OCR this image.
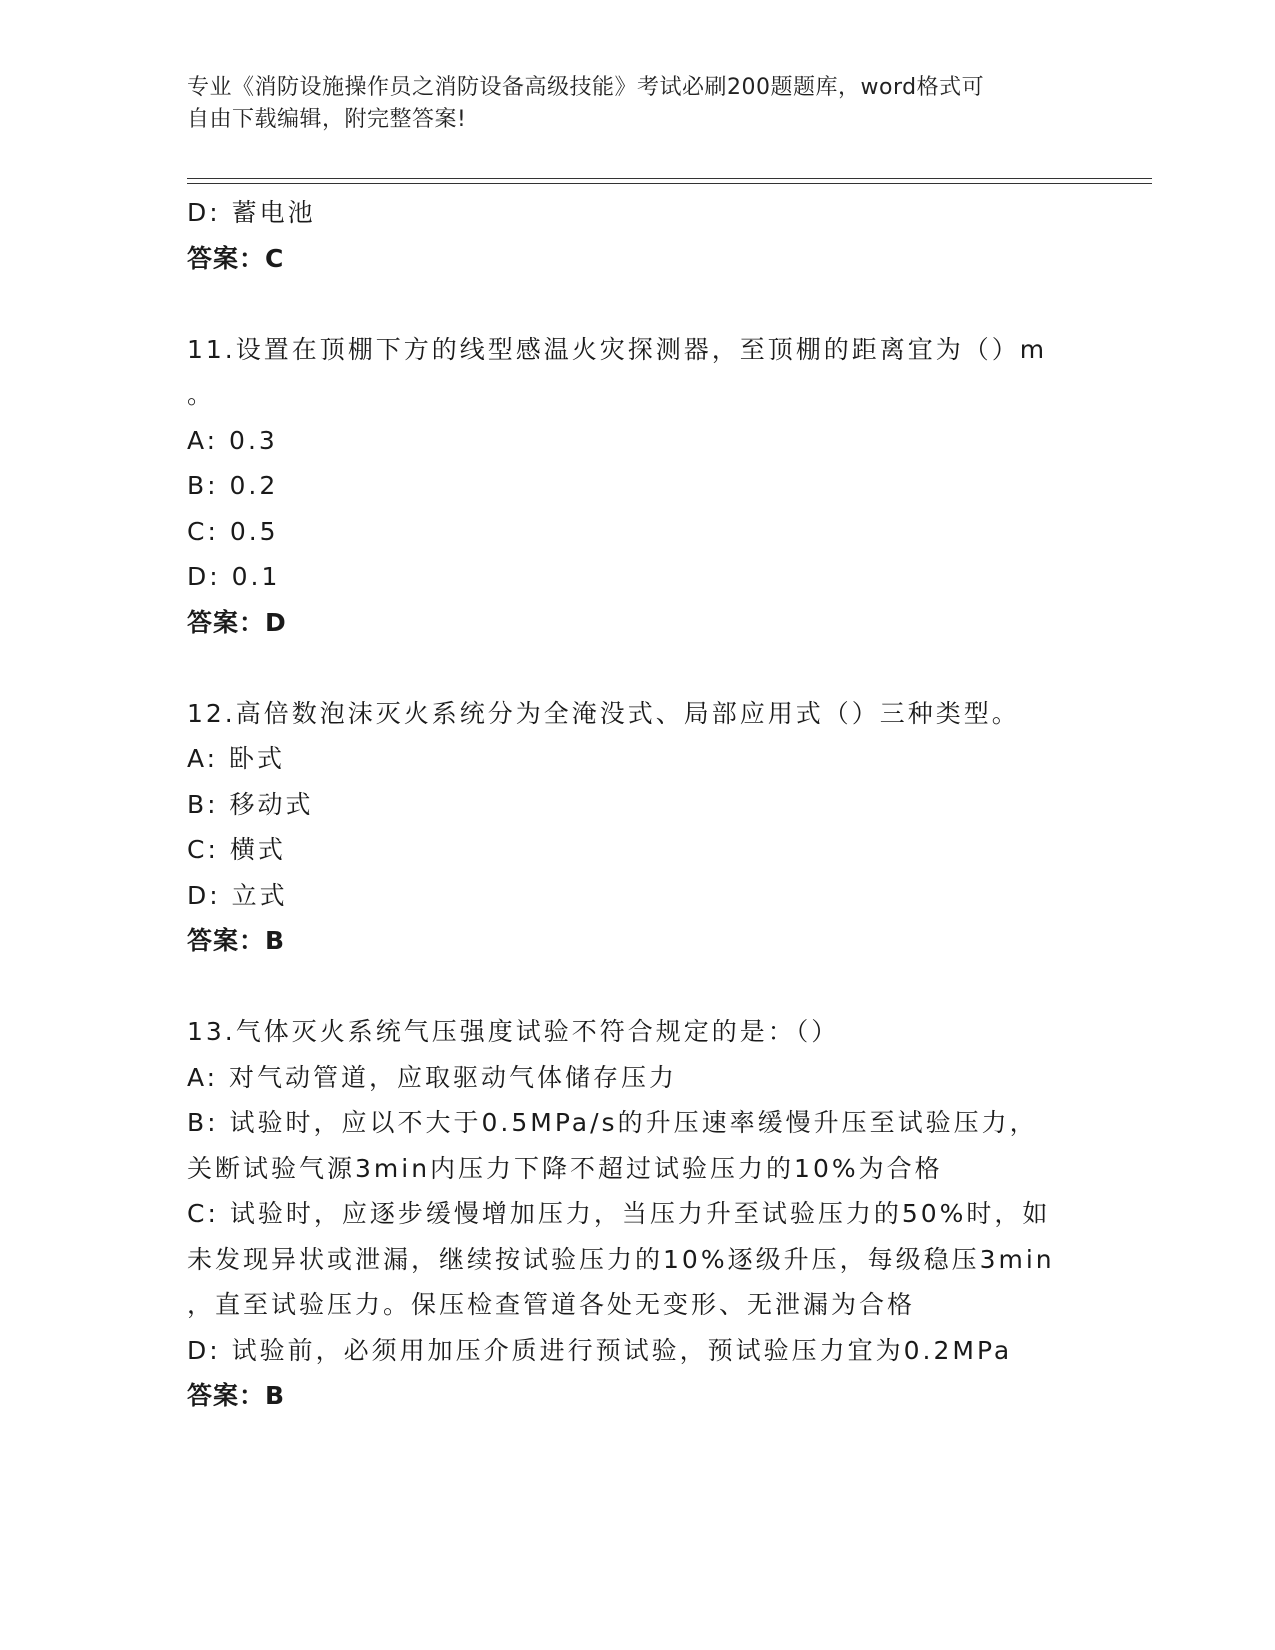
专业《消防设施操作员之消防设备高级技能》考试必刷200题题库，word格式可
自由下载编辑，附完整答案!
D: 蓄电池
答案：C
11.设置在顶棚下方的线型感温火灾探测器，至顶棚的距离宜为（）m
。
A: 0.3
B: 0.2
C: 0.5
D: 0.1
答案：D
12.高倍数泡沫灭火系统分为全淹没式、局部应用式（）三种类型。
A: 卧式
B: 移动式
C: 横式
D: 立式
答案：B
13.气体灭火系统气压强度试验不符合规定的是：（）
A: 对气动管道，应取驱动气体储存压力
B: 试验时，应以不大于0.5MPa/s的升压速率缓慢升压至试验压力，
关断试验气源3min内压力下降不超过试验压力的10%为合格
C: 试验时，应逐步缓慢增加压力，当压力升至试验压力的50%时，如
未发现异状或泄漏，继续按试验压力的10%逐级升压，每级稳压3min
，直至试验压力。保压检查管道各处无变形、无泄漏为合格
D: 试验前，必须用加压介质进行预试验，预试验压力宜为0.2MPa
答案：B
